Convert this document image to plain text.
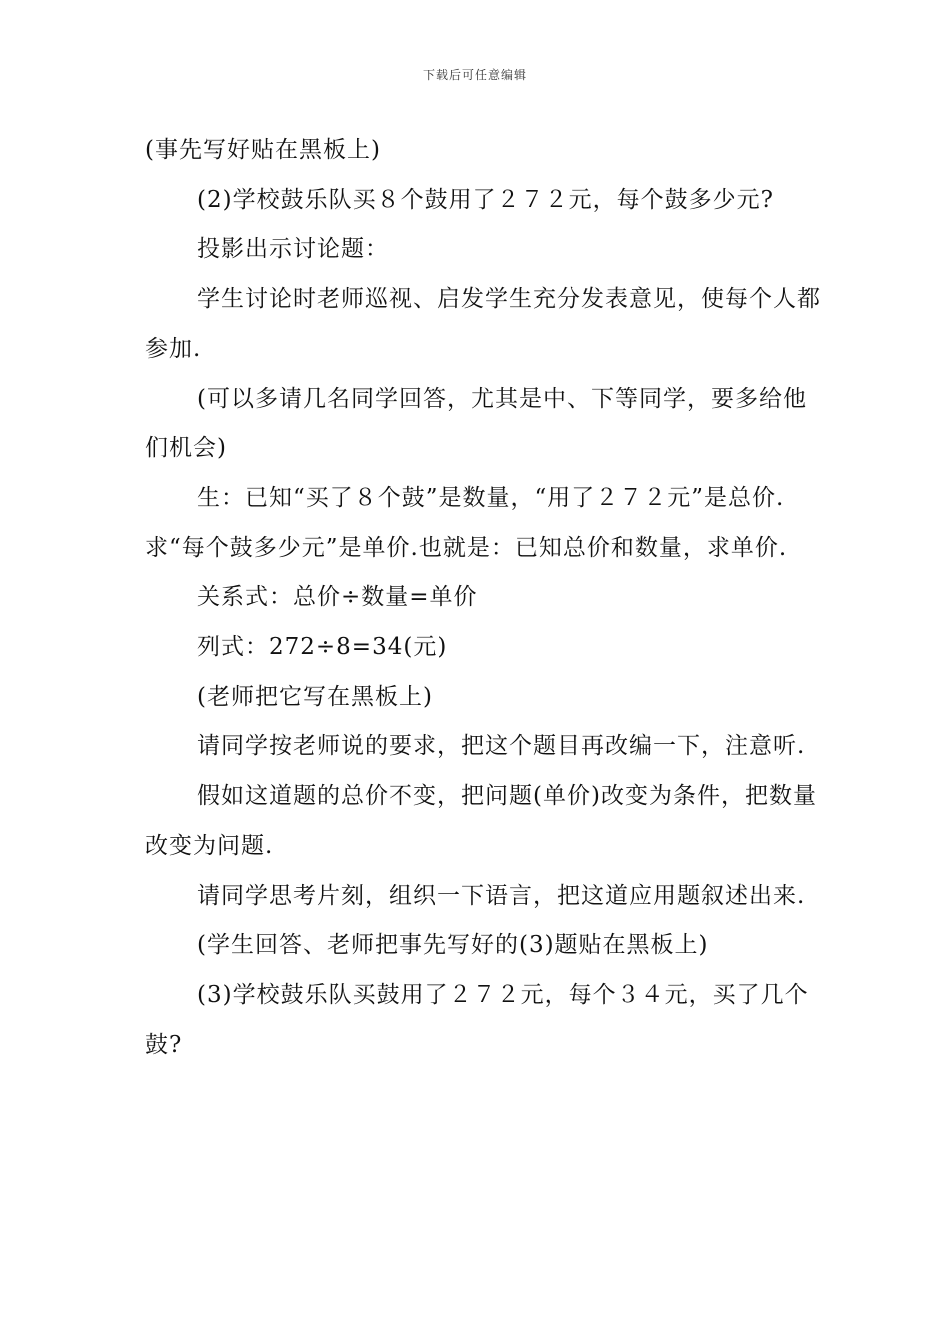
下载后可任意编辑

(事先写好贴在黑板上)

(2)学校鼓乐队买８个鼓用了２７２元，每个鼓多少元?

投影出示讨论题：

学生讨论时老师巡视、启发学生充分发表意见，使每个人都参加.

(可以多请几名同学回答，尤其是中、下等同学，要多给他们机会)

生：已知“买了８个鼓”是数量，“用了２７２元”是总价.求“每个鼓多少元”是单价.也就是：已知总价和数量，求单价.

关系式：总价÷数量=单价

列式：272÷8=34(元)

(老师把它写在黑板上)

请同学按老师说的要求，把这个题目再改编一下，注意听.

假如这道题的总价不变，把问题(单价)改变为条件，把数量改变为问题.

请同学思考片刻，组织一下语言，把这道应用题叙述出来.

(学生回答、老师把事先写好的(3)题贴在黑板上)

(3)学校鼓乐队买鼓用了２７２元，每个３４元，买了几个鼓?
